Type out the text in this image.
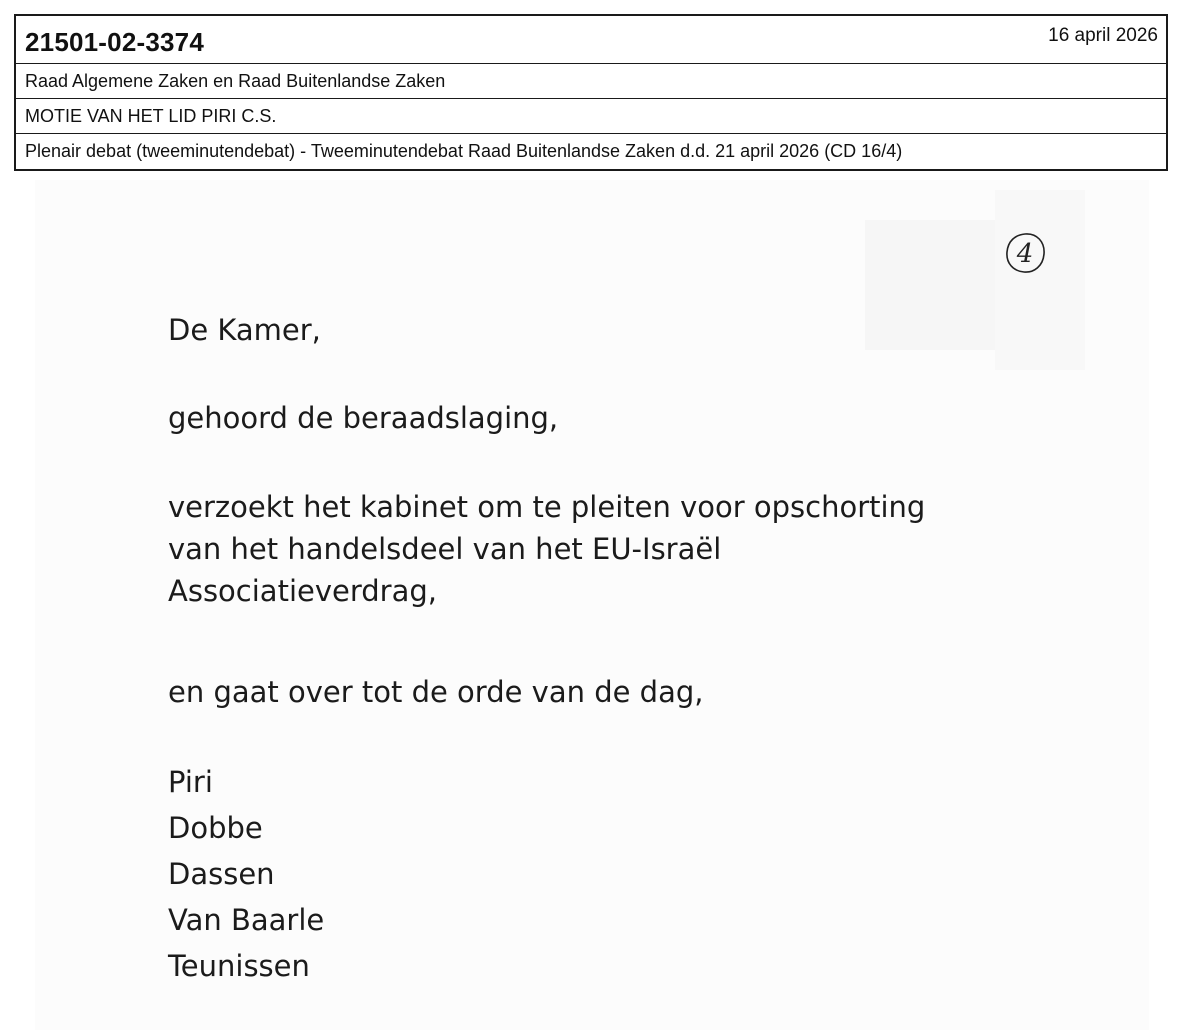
21501-02-3374	16 april 2026
Raad Algemene Zaken en Raad Buitenlandse Zaken
MOTIE VAN HET LID PIRI C.S.
Plenair debat (tweeminutendebat) - Tweeminutendebat Raad Buitenlandse Zaken d.d. 21 april 2026 (CD 16/4)
4

De Kamer,

gehoord de beraadslaging,

verzoekt het kabinet om te pleiten voor opschorting
van het handelsdeel van het EU-Israël
Associatieverdrag,

en gaat over tot de orde van de dag,

Piri
Dobbe
Dassen
Van Baarle
Teunissen
